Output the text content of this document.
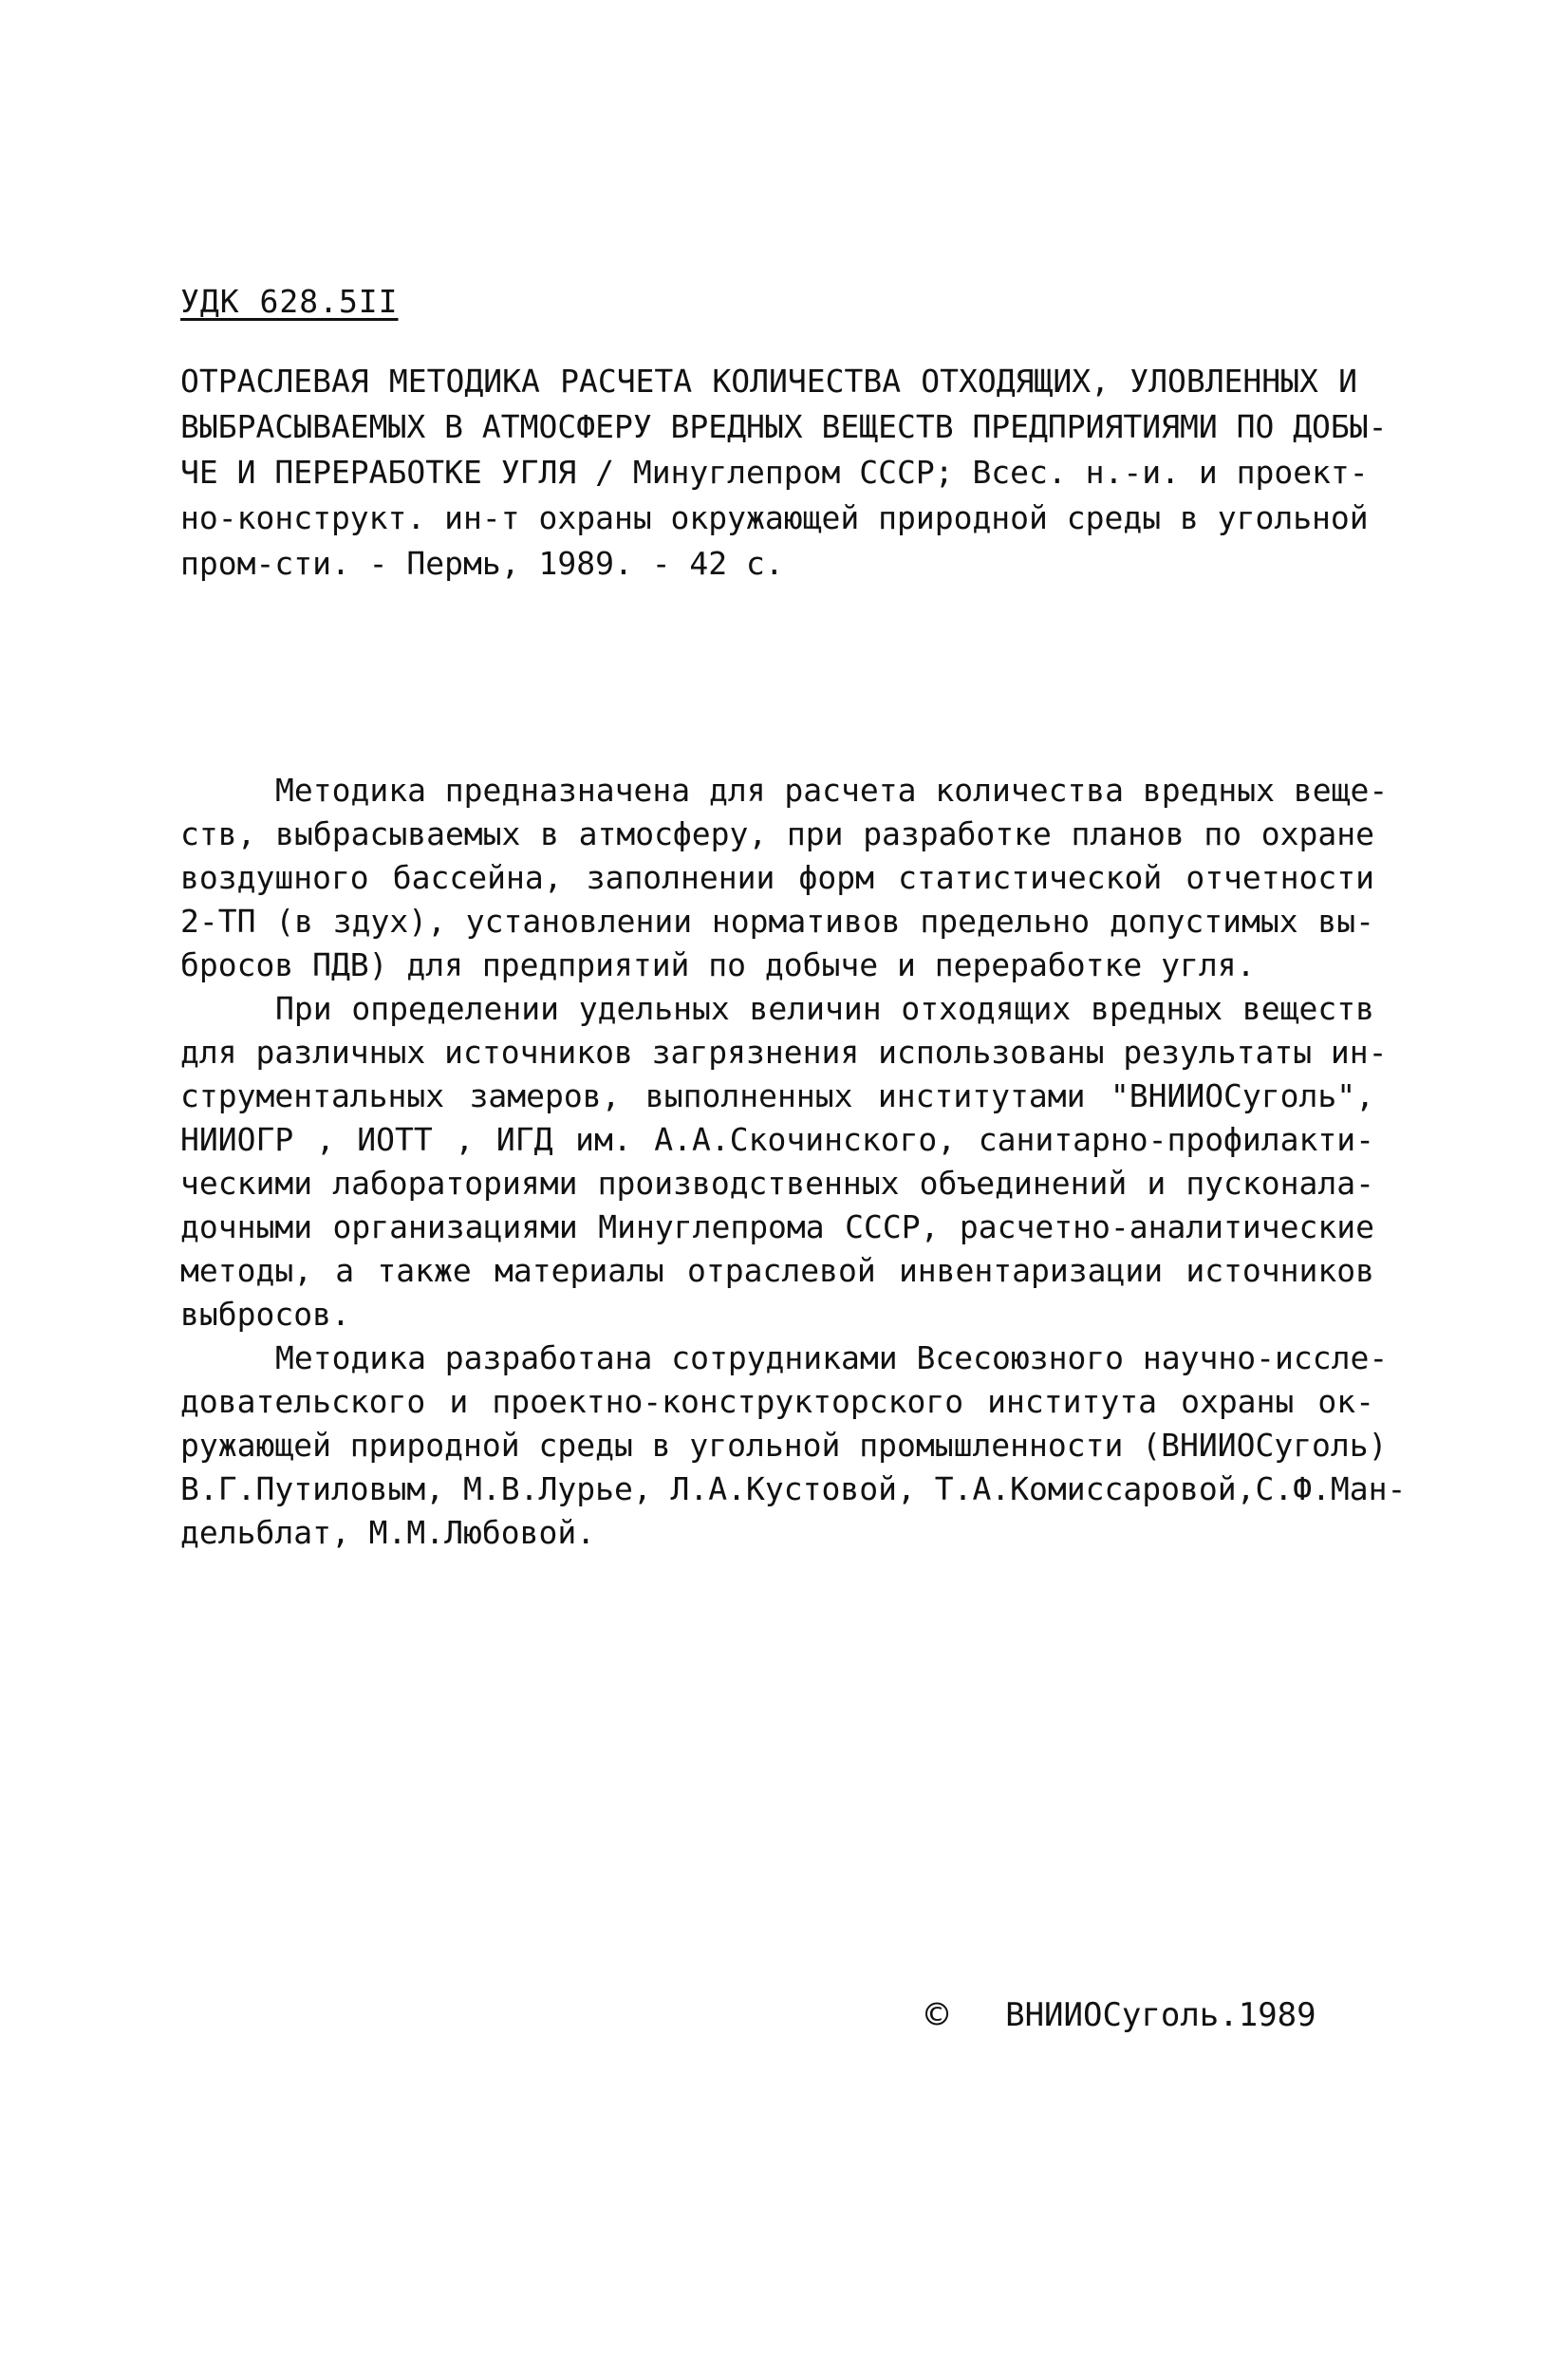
УДК 628.5II
ОТРАСЛЕВАЯ МЕТОДИКА РАСЧЕТА КОЛИЧЕСТВА ОТХОДЯЩИХ, УЛОВЛЕННЫХ И
ВЫБРАСЫВАЕМЫХ В АТМОСФЕРУ ВРЕДНЫХ ВЕЩЕСТВ ПРЕДПРИЯТИЯМИ ПО ДОБЫ-
ЧЕ И ПЕРЕРАБОТКЕ УГЛЯ / Минуглепром СССР; Всес. н.-и. и проект-
но-конструкт. ин-т охраны окружающей природной среды в угольной
пром-сти. - Пермь, 1989. - 42 с.
Методика предназначена для расчета количества вредных веще-
ств, выбрасываемых в атмосферу, при разработке планов по охране
воздушного бассейна, заполнении форм статистической отчетности
2-ТП (в здух), установлении нормативов предельно допустимых вы-
бросов ПДВ) для предприятий по добыче и переработке угля.
При определении удельных величин отходящих вредных веществ
для различных источников загрязнения использованы результаты ин-
струментальных замеров, выполненных институтами "ВНИИОСуголь",
НИИОГР , ИОТТ , ИГД им. А.А.Скочинского, санитарно-профилакти-
ческими лабораториями производственных объединений и пусконала-
дочными организациями Минуглепрома СССР, расчетно-аналитические
методы, а также материалы отраслевой инвентаризации источников
выбросов.
Методика разработана сотрудниками Всесоюзного научно-иссле-
довательского и проектно-конструкторского института охраны ок-
ружающей природной среды в угольной промышленности (ВНИИОСуголь)
В.Г.Путиловым, М.В.Лурье, Л.А.Кустовой, Т.А.Комиссаровой,С.Ф.Ман-
дельблат, М.М.Любовой.
© ВНИИОСуголь.1989
